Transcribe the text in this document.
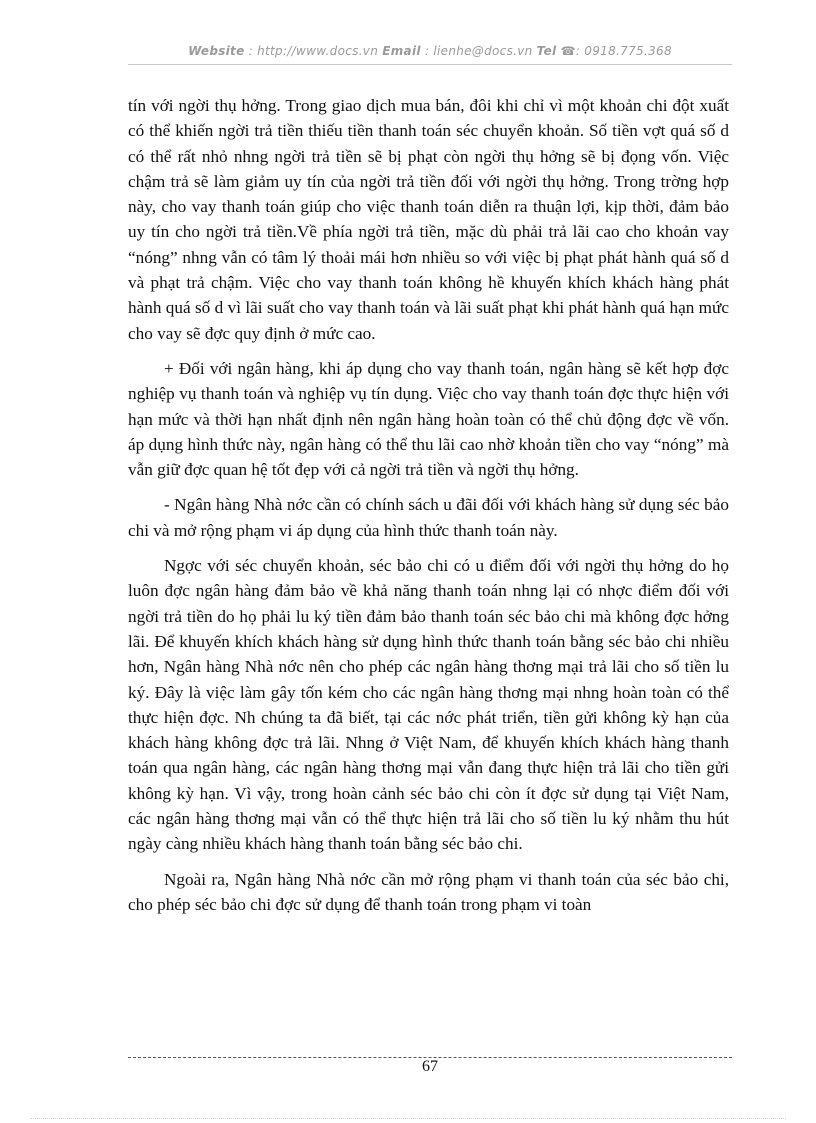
Website : http://www.docs.vn Email : lienhe@docs.vn Tel ☎: 0918.775.368

tín với ngời thụ hởng. Trong giao dịch mua bán, đôi khi chỉ vì một khoản chi đột xuất có thể khiến ngời trả tiền thiếu tiền thanh toán séc chuyển khoản. Số tiền vợt quá số d có thể rất nhỏ nhng ngời trả tiền sẽ bị phạt còn ngời thụ hởng sẽ bị đọng vốn. Việc chậm trả sẽ làm giảm uy tín của ngời trả tiền đối với ngời thụ hởng. Trong trờng hợp này, cho vay thanh toán giúp cho việc thanh toán diễn ra thuận lợi, kịp thời, đảm bảo uy tín cho ngời trả tiền.Về phía ngời trả tiền, mặc dù phải trả lãi cao cho khoản vay “nóng” nhng vẫn có tâm lý thoải mái hơn nhiều so với việc bị phạt phát hành quá số d và phạt trả chậm. Việc cho vay thanh toán không hề khuyến khích khách hàng phát hành quá số d vì lãi suất cho vay thanh toán và lãi suất phạt khi phát hành quá hạn mức cho vay sẽ đợc quy định ở mức cao.

+ Đối với ngân hàng, khi áp dụng cho vay thanh toán, ngân hàng sẽ kết hợp đợc nghiệp vụ thanh toán và nghiệp vụ tín dụng. Việc cho vay thanh toán đợc thực hiện với hạn mức và thời hạn nhất định nên ngân hàng hoàn toàn có thể chủ động đợc về vốn. áp dụng hình thức này, ngân hàng có thể thu lãi cao nhờ khoản tiền cho vay “nóng” mà vẫn giữ đợc quan hệ tốt đẹp với cả ngời trả tiền và ngời thụ hởng.

- Ngân hàng Nhà nớc cần có chính sách u đãi đối với khách hàng sử dụng séc bảo chi và mở rộng phạm vi áp dụng của hình thức thanh toán này.

Ngợc với séc chuyển khoản, séc bảo chi có u điểm đối với ngời thụ hởng do họ luôn đợc ngân hàng đảm bảo về khả năng thanh toán nhng lại có nhợc điểm đối với ngời trả tiền do họ phải lu ký tiền đảm bảo thanh toán séc bảo chi mà không đợc hởng lãi. Để khuyến khích khách hàng sử dụng hình thức thanh toán bằng séc bảo chi nhiều hơn, Ngân hàng Nhà nớc nên cho phép các ngân hàng thơng mại trả lãi cho số tiền lu ký. Đây là việc làm gây tốn kém cho các ngân hàng thơng mại nhng hoàn toàn có thể thực hiện đợc. Nh chúng ta đã biết, tại các nớc phát triển, tiền gửi không kỳ hạn của khách hàng không đợc trả lãi. Nhng ở Việt Nam, để khuyến khích khách hàng thanh toán qua ngân hàng, các ngân hàng thơng mại vẫn đang thực hiện trả lãi cho tiền gửi không kỳ hạn. Vì vậy, trong hoàn cảnh séc bảo chi còn ít đợc sử dụng tại Việt Nam, các ngân hàng thơng mại vẫn có thể thực hiện trả lãi cho số tiền lu ký nhằm thu hút ngày càng nhiều khách hàng thanh toán bằng séc bảo chi.

Ngoài ra, Ngân hàng Nhà nớc cần mở rộng phạm vi thanh toán của séc bảo chi, cho phép séc bảo chi đợc sử dụng để thanh toán trong phạm vi toàn

67
